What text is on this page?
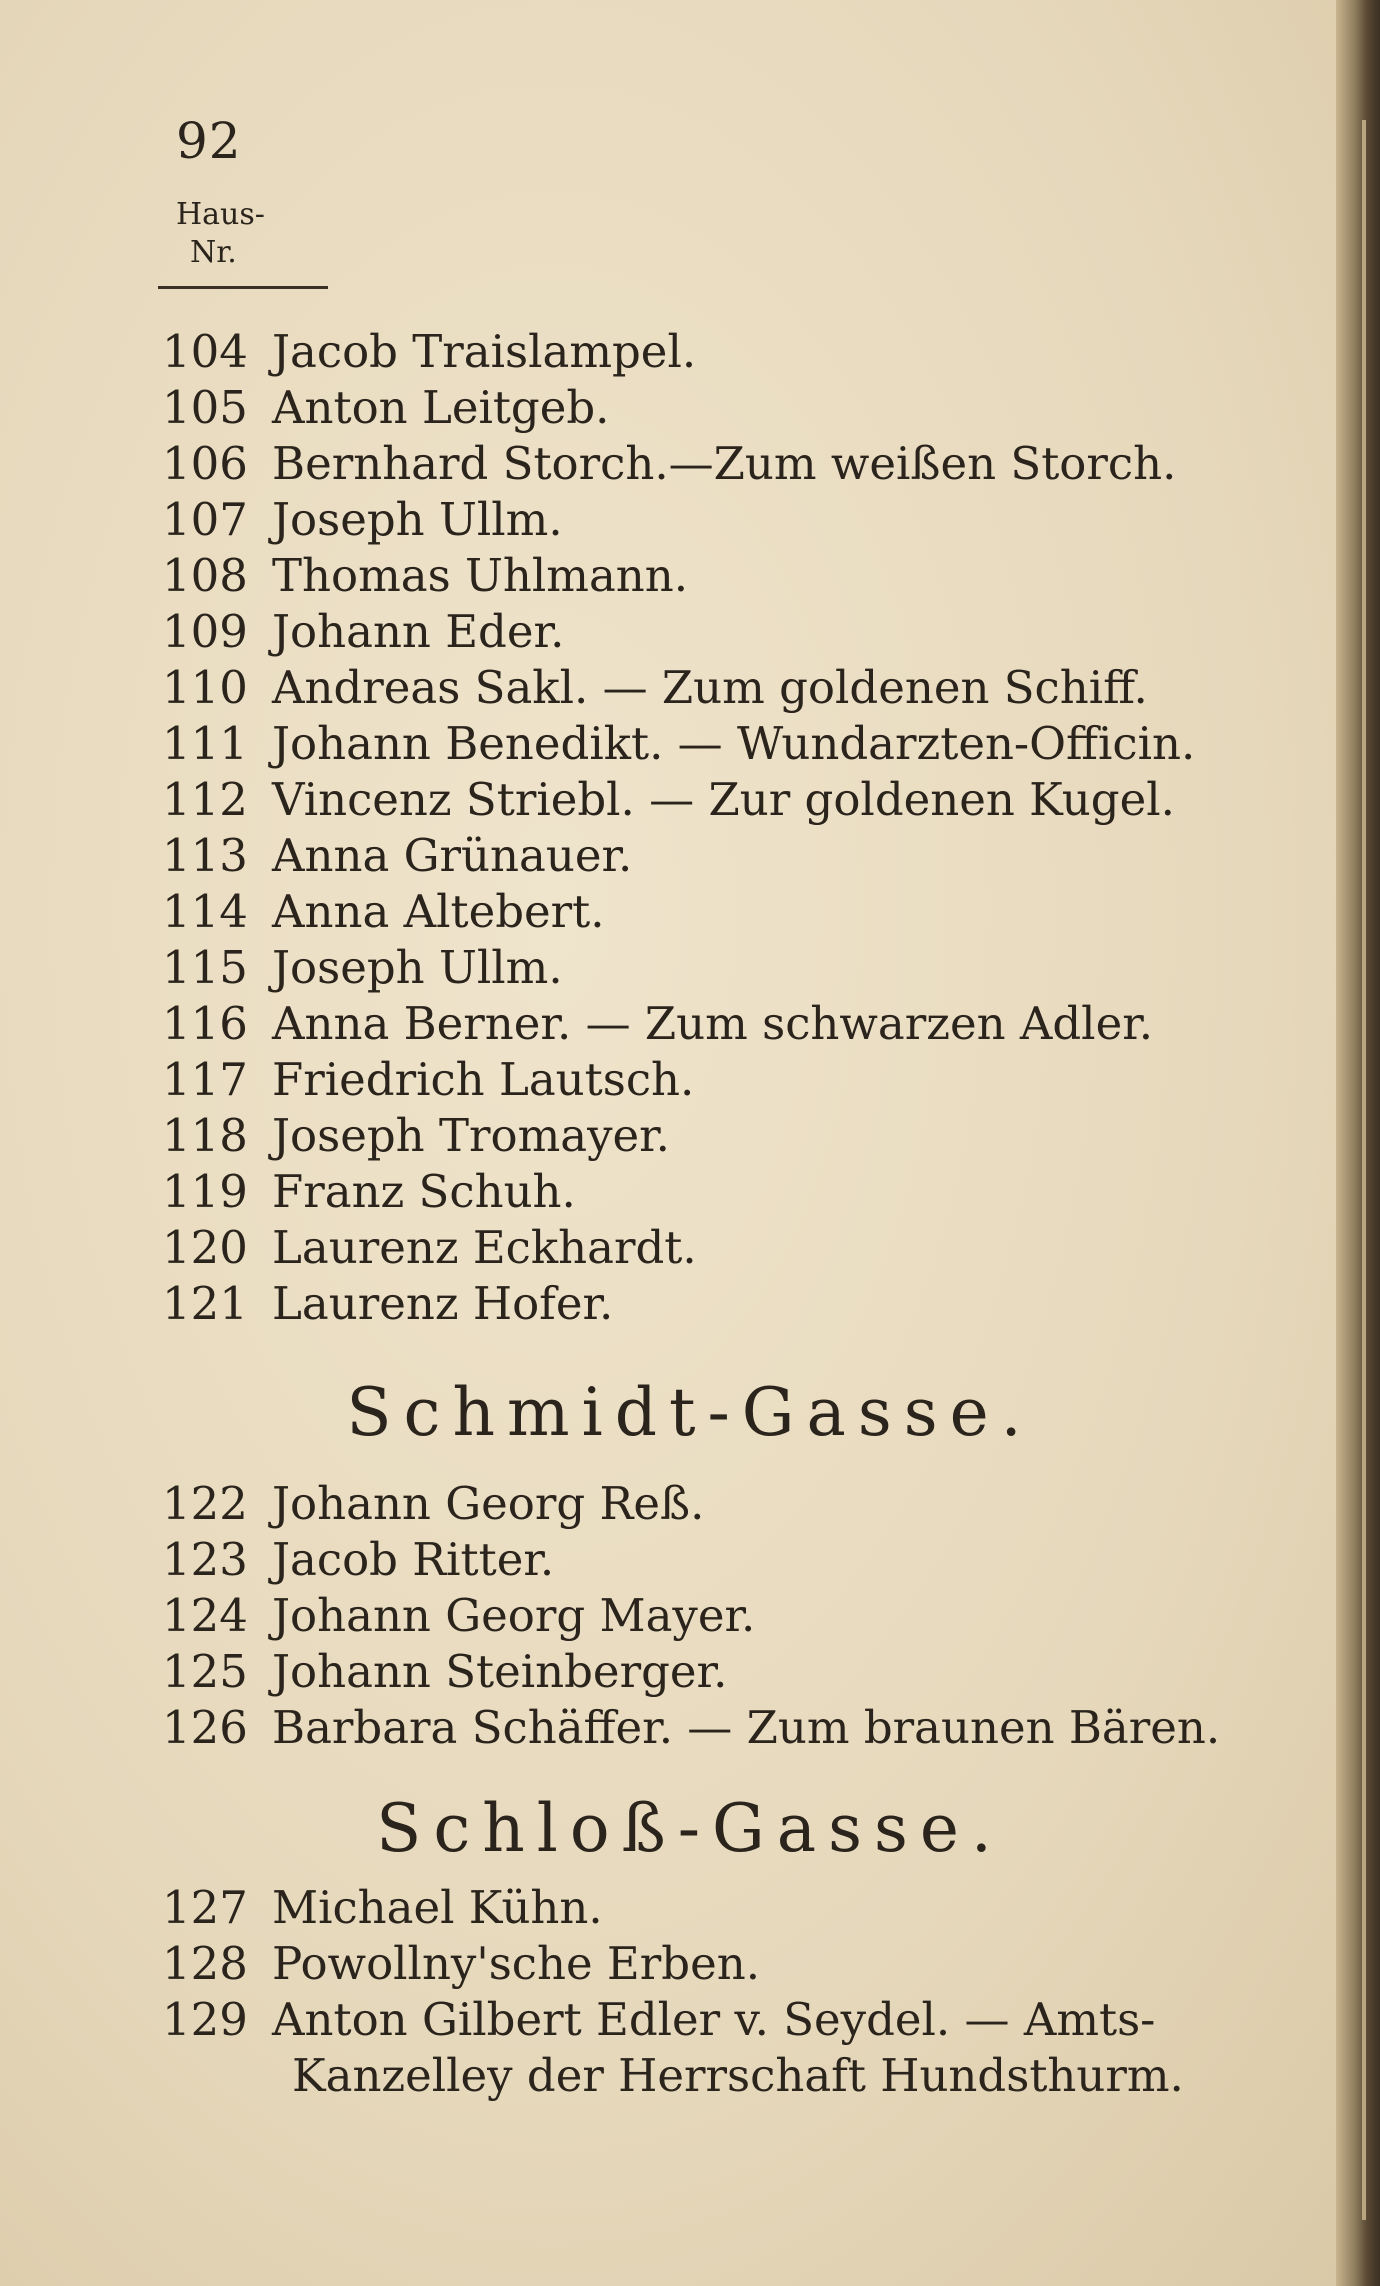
92
Haus-
Nr.
104 Jacob Traislampel.
105 Anton Leitgeb.
106 Bernhard Storch.—Zum weißen Storch.
107 Joseph Ullm.
108 Thomas Uhlmann.
109 Johann Eder.
110 Andreas Sakl. — Zum goldenen Schiff.
111 Johann Benedikt. — Wundarzten-Officin.
112 Vincenz Striebl. — Zur goldenen Kugel.
113 Anna Grünauer.
114 Anna Altebert.
115 Joseph Ullm.
116 Anna Berner. — Zum schwarzen Adler.
117 Friedrich Lautsch.
118 Joseph Tromayer.
119 Franz Schuh.
120 Laurenz Eckhardt.
121 Laurenz Hofer.
Schmidt-Gasse.
122 Johann Georg Reß.
123 Jacob Ritter.
124 Johann Georg Mayer.
125 Johann Steinberger.
126 Barbara Schäffer. — Zum braunen Bären.
Schloß-Gasse.
127 Michael Kühn.
128 Powollny'sche Erben.
129 Anton Gilbert Edler v. Seydel. — Amts-
Kanzelley der Herrschaft Hundsthurm.
